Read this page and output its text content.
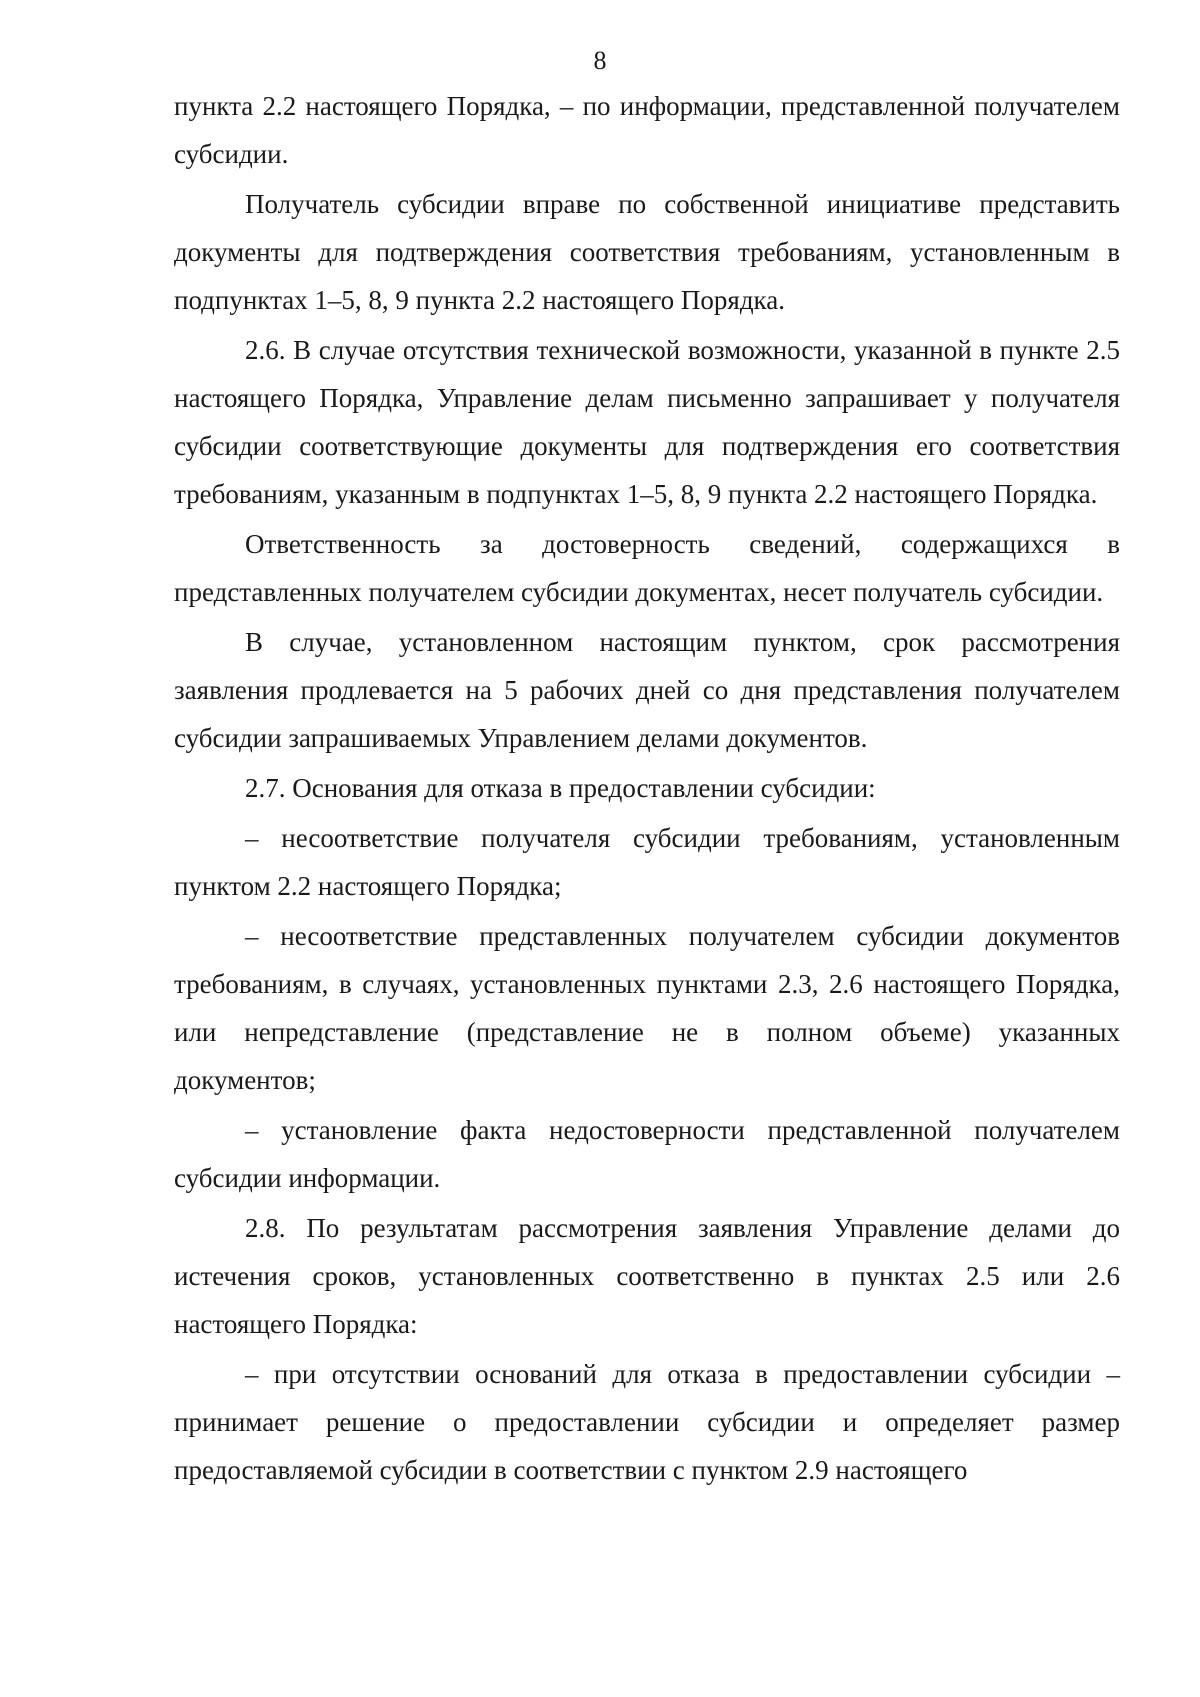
8

пункта 2.2 настоящего Порядка, – по информации, представленной получателем субсидии.

Получатель субсидии вправе по собственной инициативе представить документы для подтверждения соответствия требованиям, установленным в подпунктах 1–5, 8, 9 пункта 2.2 настоящего Порядка.

2.6. В случае отсутствия технической возможности, указанной в пункте 2.5 настоящего Порядка, Управление делам письменно запрашивает у получателя субсидии соответствующие документы для подтверждения его соответствия требованиям, указанным в подпунктах 1–5, 8, 9 пункта 2.2 настоящего Порядка.

Ответственность за достоверность сведений, содержащихся в представленных получателем субсидии документах, несет получатель субсидии.

В случае, установленном настоящим пунктом, срок рассмотрения заявления продлевается на 5 рабочих дней со дня представления получателем субсидии запрашиваемых Управлением делами документов.

2.7. Основания для отказа в предоставлении субсидии:

– несоответствие получателя субсидии требованиям, установленным пунктом 2.2 настоящего Порядка;

– несоответствие представленных получателем субсидии документов требованиям, в случаях, установленных пунктами 2.3, 2.6 настоящего Порядка, или непредставление (представление не в полном объеме) указанных документов;

– установление факта недостоверности представленной получателем субсидии информации.

2.8. По результатам рассмотрения заявления Управление делами до истечения сроков, установленных соответственно в пунктах 2.5 или 2.6 настоящего Порядка:

– при отсутствии оснований для отказа в предоставлении субсидии – принимает решение о предоставлении субсидии и определяет размер предоставляемой субсидии в соответствии с пунктом 2.9 настоящего
